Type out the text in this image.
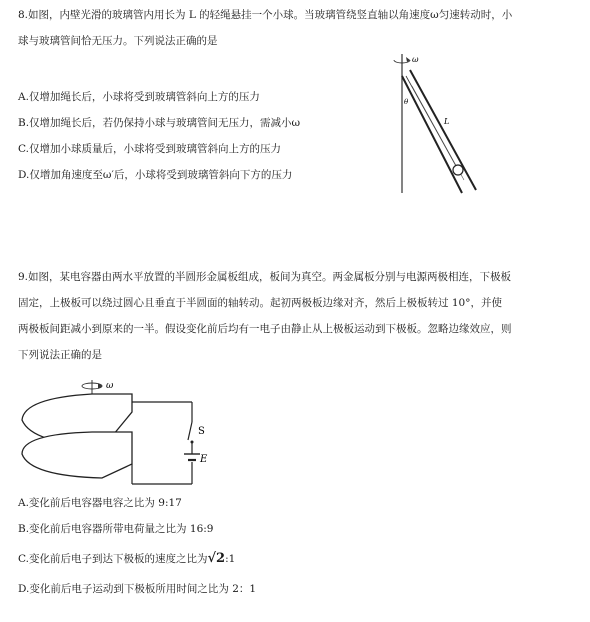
8.如图，内壁光滑的玻璃管内用长为 L 的轻绳悬挂一个小球。当玻璃管绕竖直轴以角速度ω匀速转动时，小
球与玻璃管间恰无压力。下列说法正确的是
A.仅增加绳长后，小球将受到玻璃管斜向上方的压力
B.仅增加绳长后，若仍保持小球与玻璃管间无压力，需减小ω
C.仅增加小球质量后，小球将受到玻璃管斜向上方的压力
D.仅增加角速度至ω′后，小球将受到玻璃管斜向下方的压力
ω
L
θ
9.如图，某电容器由两水平放置的半圆形金属板组成，板间为真空。两金属板分别与电源两极相连，下极板
固定，上极板可以绕过圆心且垂直于半圆面的轴转动。起初两极板边缘对齐，然后上极板转过 10°，并使
两极板间距减小到原来的一半。假设变化前后均有一电子由静止从上极板运动到下极板。忽略边缘效应，则
下列说法正确的是
ω
S
E
A.变化前后电容器电容之比为 9:17
B.变化前后电容器所带电荷量之比为 16:9
C.变化前后电子到达下极板的速度之比为√2:1
D.变化前后电子运动到下极板所用时间之比为 2：1
